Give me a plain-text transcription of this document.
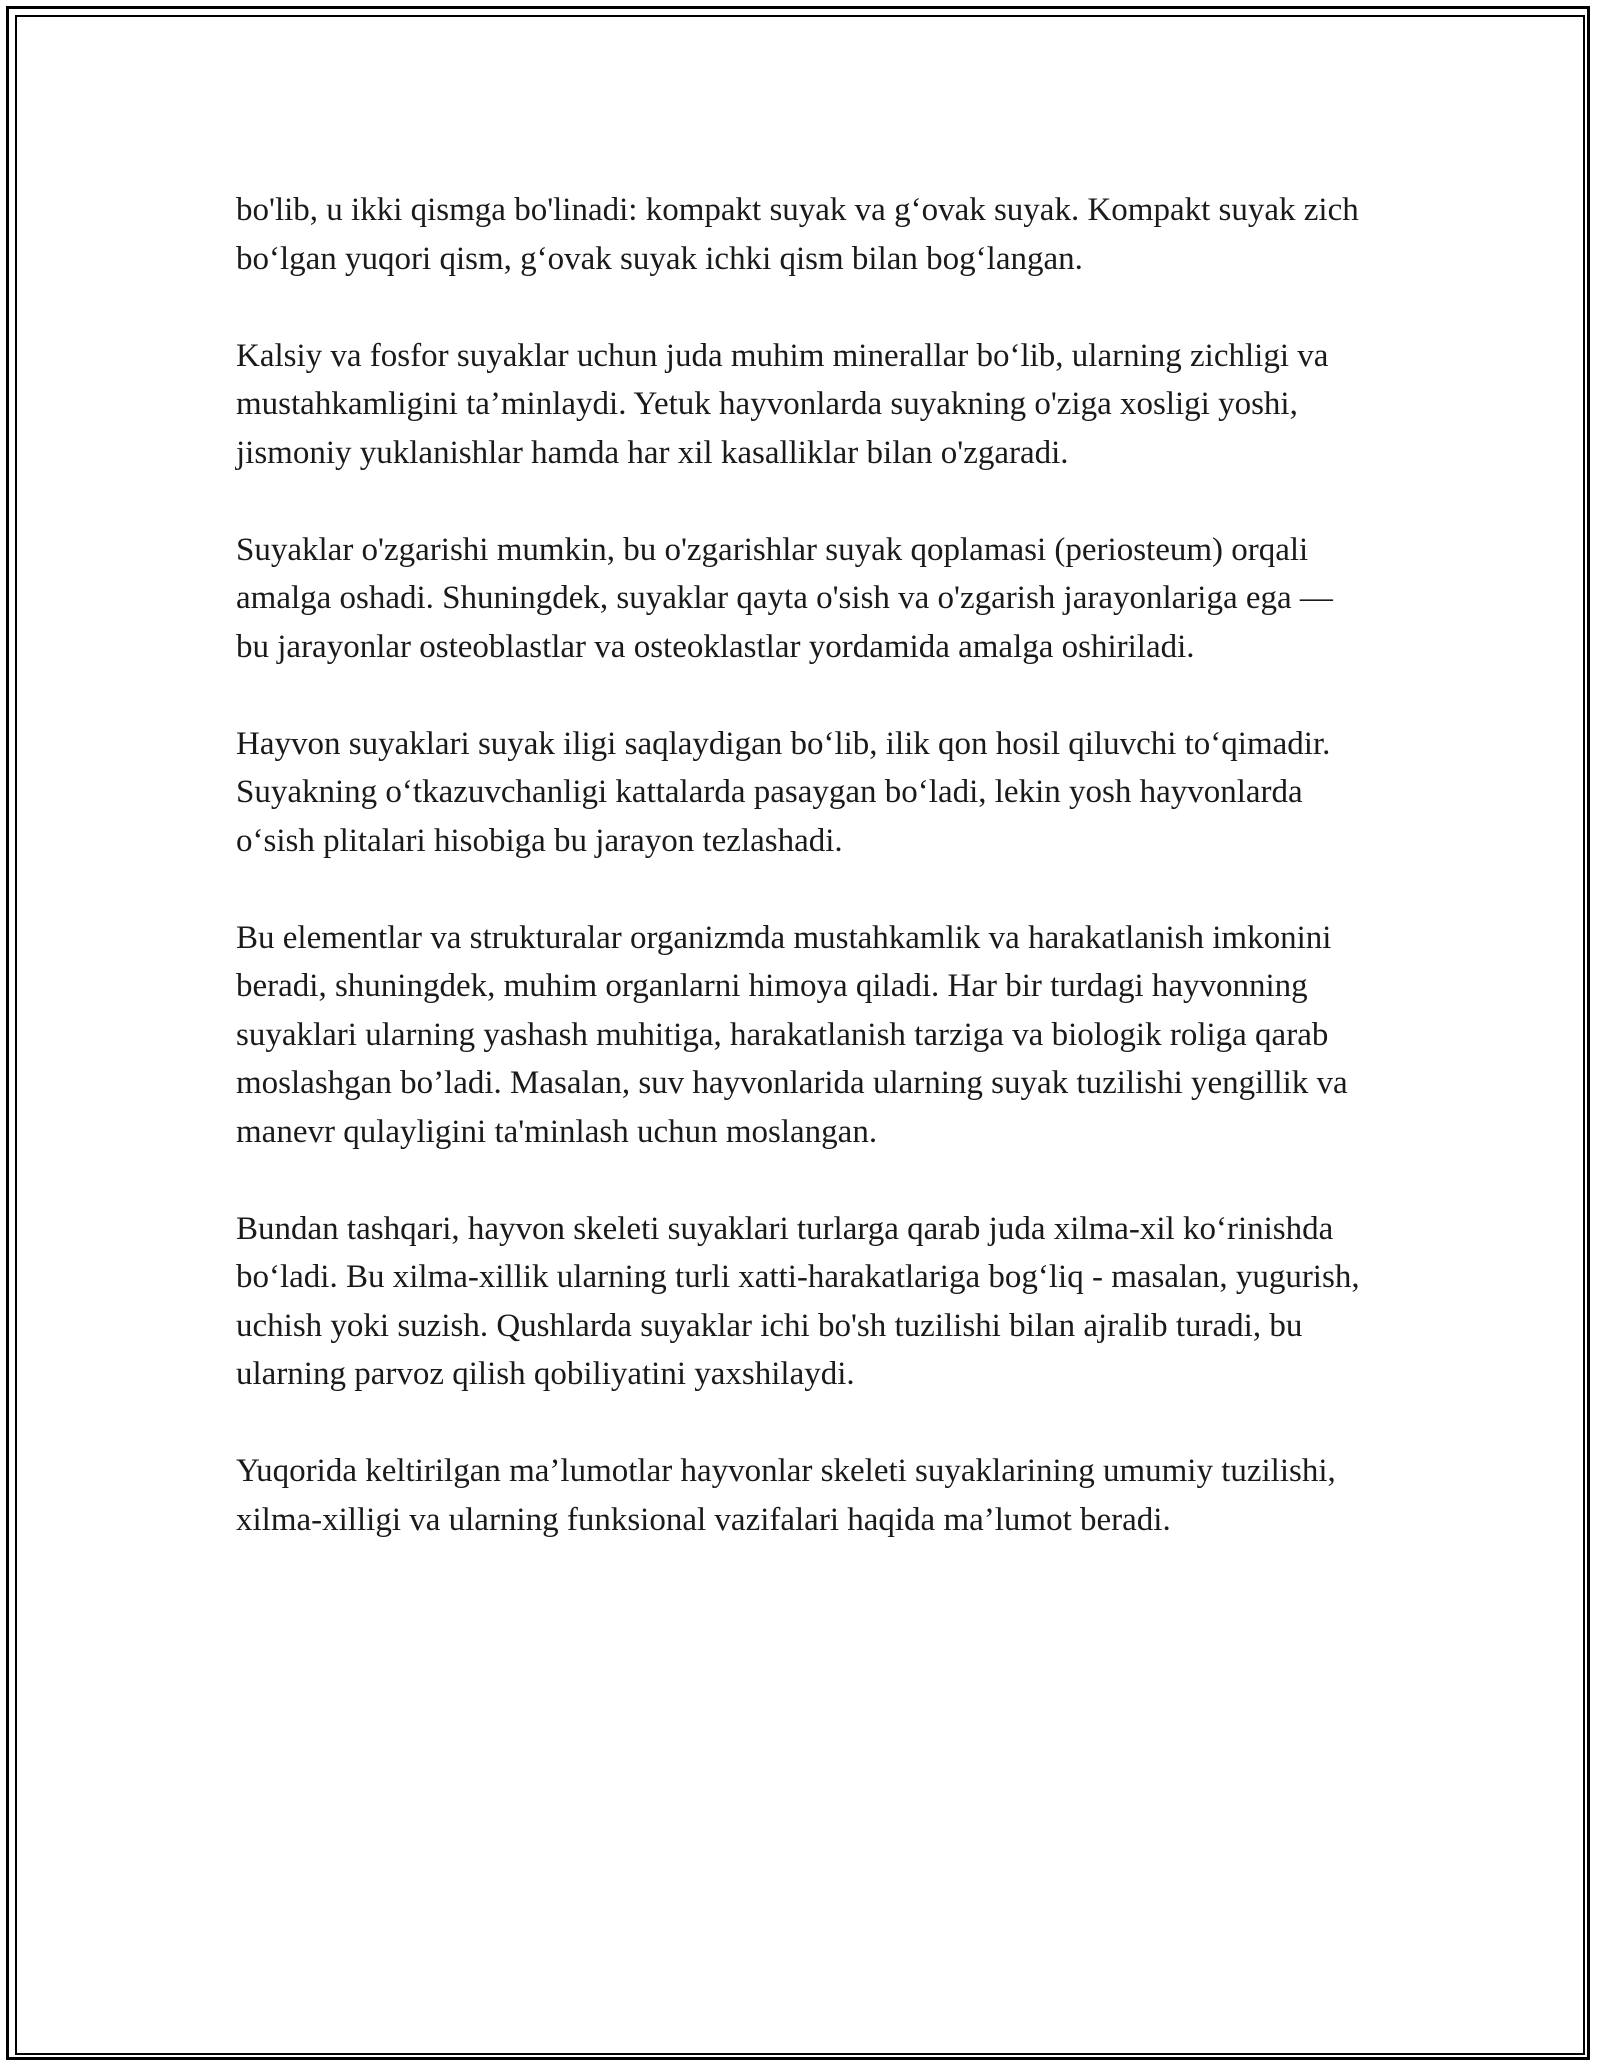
bo'lib, u ikki qismga bo'linadi: kompakt suyak va g‘ovak suyak. Kompakt suyak zich bo‘lgan yuqori qism, g‘ovak suyak ichki qism bilan bog‘langan.

Kalsiy va fosfor suyaklar uchun juda muhim minerallar bo‘lib, ularning zichligi va mustahkamligini ta’minlaydi. Yetuk hayvonlarda suyakning o'ziga xosligi yoshi, jismoniy yuklanishlar hamda har xil kasalliklar bilan o'zgaradi.

Suyaklar o'zgarishi mumkin, bu o'zgarishlar suyak qoplamasi (periosteum) orqali amalga oshadi. Shuningdek, suyaklar qayta o'sish va o'zgarish jarayonlariga ega — bu jarayonlar osteoblastlar va osteoklastlar yordamida amalga oshiriladi.

Hayvon suyaklari suyak iligi saqlaydigan bo‘lib, ilik qon hosil qiluvchi to‘qimadir. Suyakning o‘tkazuvchanligi kattalarda pasaygan bo‘ladi, lekin yosh hayvonlarda o‘sish plitalari hisobiga bu jarayon tezlashadi.

Bu elementlar va strukturalar organizmda mustahkamlik va harakatlanish imkonini beradi, shuningdek, muhim organlarni himoya qiladi. Har bir turdagi hayvonning suyaklari ularning yashash muhitiga, harakatlanish tarziga va biologik roliga qarab moslashgan bo’ladi. Masalan, suv hayvonlarida ularning suyak tuzilishi yengillik va manevr qulayligini ta'minlash uchun moslangan.

Bundan tashqari, hayvon skeleti suyaklari turlarga qarab juda xilma-xil ko‘rinishda bo‘ladi. Bu xilma-xillik ularning turli xatti-harakatlariga bog‘liq - masalan, yugurish, uchish yoki suzish. Qushlarda suyaklar ichi bo'sh tuzilishi bilan ajralib turadi, bu ularning parvoz qilish qobiliyatini yaxshilaydi.

Yuqorida keltirilgan ma’lumotlar hayvonlar skeleti suyaklarining umumiy tuzilishi, xilma-xilligi va ularning funksional vazifalari haqida ma’lumot beradi.
